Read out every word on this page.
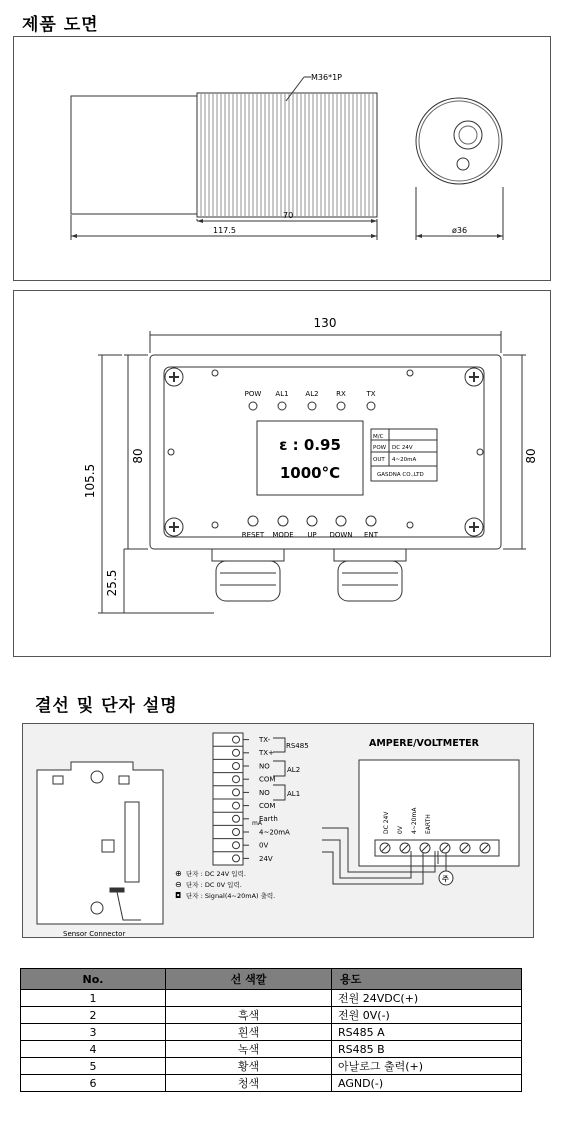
제품 도면
M36*1P
70
117.5	ø36
POW AL1 AL2	RX	TX
RESET MODE UP DOWN ENT
ε : 0.95
1000°C
M/C
POW DC 24V
OUT 4~20mA
GASDNA CO.,LTD
130
80	80
105.5
25.5
결선 및 단자 설명
TX-
TX+
NO
COM
NO
COM
Earth
4~20mA
0V
24V
mA	DC 24V 0V 4~20mA EARTH
RS485
AL2
AL1
AMPERE/VOLTMETER
주
Sensor Connector
⊕ 단자 : DC 24V 입력.
⊖ 단자 : DC 0V 입력.
◘ 단자 : Signal(4~20mA) 출력.
No.	선 색깔	용도
1		전원 24VDC(+)
2	흑색	전원 0V(-)
3	흰색	RS485 A
4	녹색	RS485 B
5	황색	아날로그 출력(+)
6	청색	AGND(-)
